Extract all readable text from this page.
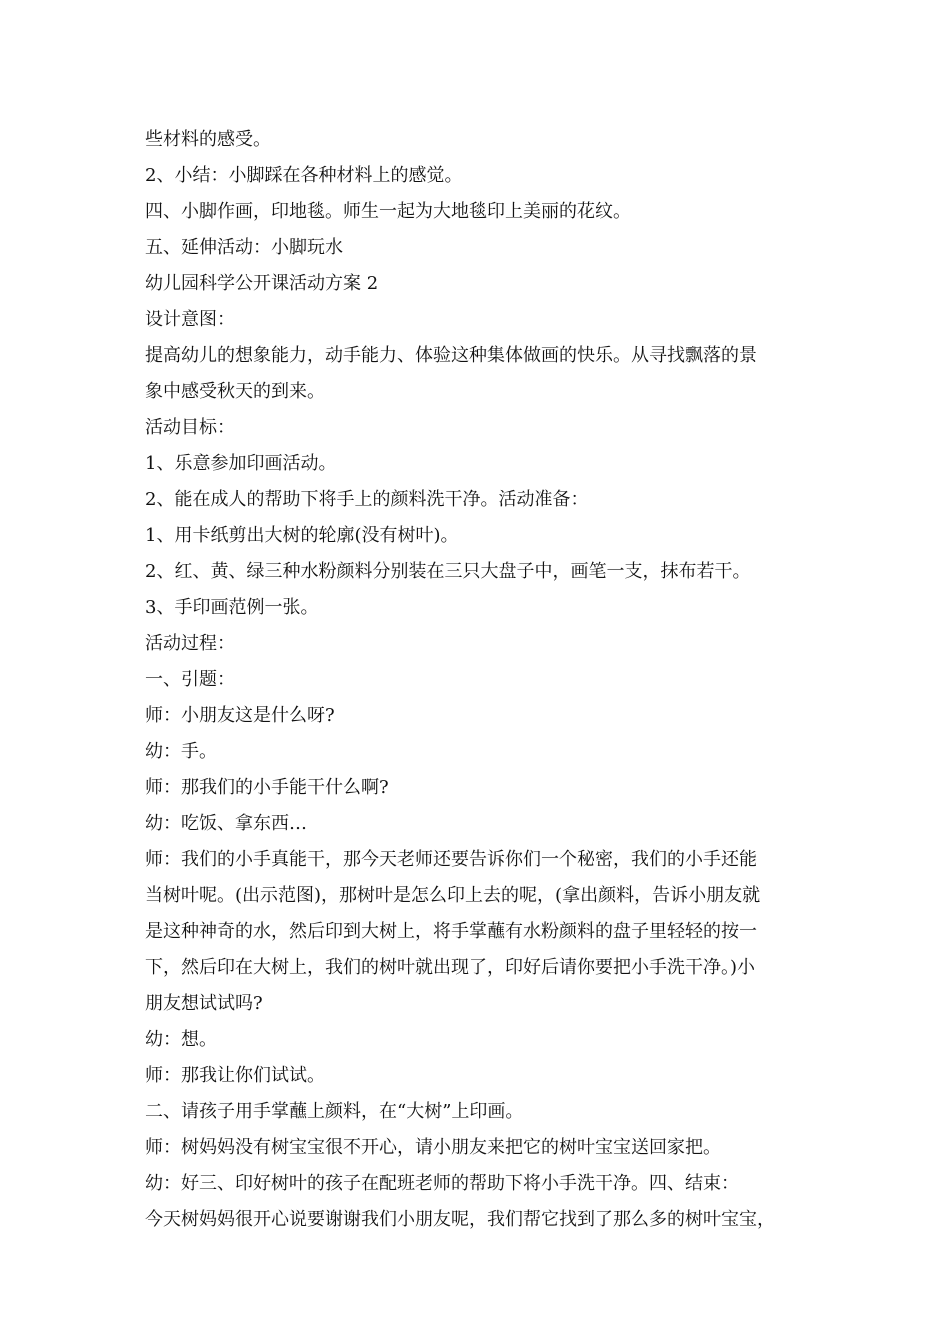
些材料的感受。
2、小结：小脚踩在各种材料上的感觉。
四、小脚作画，印地毯。师生一起为大地毯印上美丽的花纹。
五、延伸活动：小脚玩水
幼儿园科学公开课活动方案 2
设计意图：
提高幼儿的想象能力，动手能力、体验这种集体做画的快乐。从寻找飘落的景
象中感受秋天的到来。
活动目标：
1、乐意参加印画活动。
2、能在成人的帮助下将手上的颜料洗干净。活动准备：
1、用卡纸剪出大树的轮廓(没有树叶)。
2、红、黄、绿三种水粉颜料分别装在三只大盘子中，画笔一支，抹布若干。
3、手印画范例一张。
活动过程：
一、引题：
师：小朋友这是什么呀?
幼：手。
师：那我们的小手能干什么啊?
幼：吃饭、拿东西…
师：我们的小手真能干，那今天老师还要告诉你们一个秘密，我们的小手还能
当树叶呢。(出示范图)，那树叶是怎么印上去的呢，(拿出颜料，告诉小朋友就
是这种神奇的水，然后印到大树上，将手掌蘸有水粉颜料的盘子里轻轻的按一
下，然后印在大树上，我们的树叶就出现了，印好后请你要把小手洗干净。)小
朋友想试试吗?
幼：想。
师：那我让你们试试。
二、请孩子用手掌蘸上颜料，在“大树”上印画。
师：树妈妈没有树宝宝很不开心，请小朋友来把它的树叶宝宝送回家把。
幼：好三、印好树叶的孩子在配班老师的帮助下将小手洗干净。四、结束：
今天树妈妈很开心说要谢谢我们小朋友呢，我们帮它找到了那么多的树叶宝宝，
